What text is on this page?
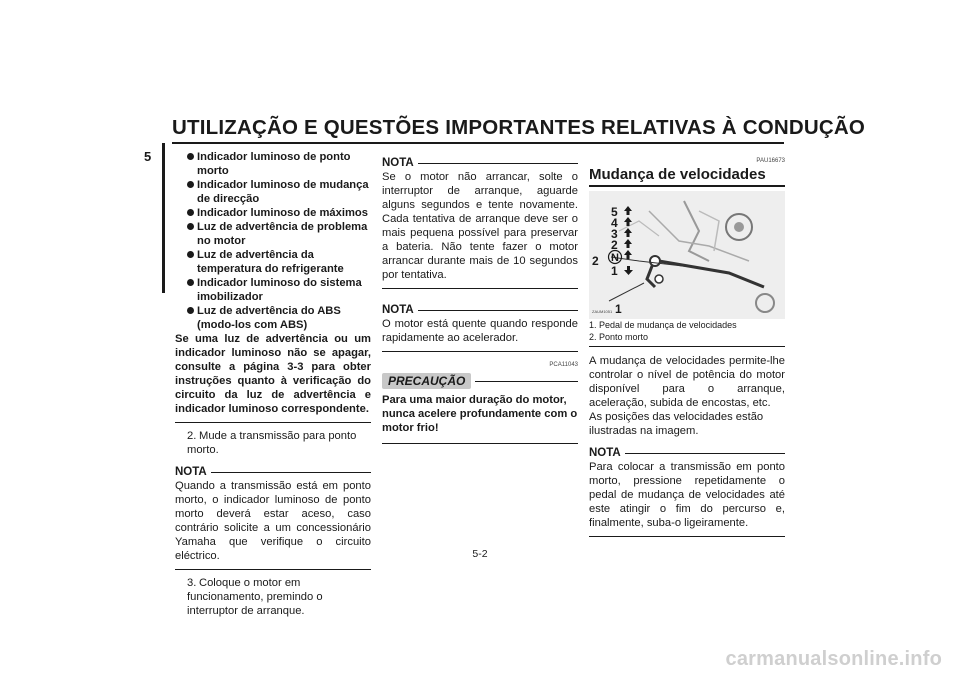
UTILIZAÇÃO E QUESTÕES IMPORTANTES RELATIVAS À CONDUÇÃO
5	Indicador luminoso de ponto morto
Indicador luminoso de mudança de direcção
Indicador luminoso de máximos
Luz de advertência de problema no motor
Luz de advertência da temperatura do refrigerante
Indicador luminoso do sistema imobilizador
Luz de advertência do ABS (modo-los com ABS)
Se uma luz de advertência ou um indicador luminoso não se apagar, consulte a página 3-3 para obter instruções quanto à verificação do circuito da luz de advertência e indicador luminoso correspondente.
2. Mude a transmissão para ponto morto.
NOTA
Quando a transmissão está em ponto morto, o indicador luminoso de ponto morto deverá estar aceso, caso contrário solicite a um concessionário Yamaha que verifique o circuito eléctrico.
3. Coloque o motor em funcionamento, premindo o interruptor de arranque.
NOTA
Se o motor não arrancar, solte o interruptor de arranque, aguarde alguns segundos e tente novamente. Cada tentativa de arranque deve ser o mais pequena possível para preservar a bateria. Não tente fazer o motor arrancar durante mais de 10 segundos por tentativa.
NOTA
O motor está quente quando responde rapidamente ao acelerador.
PCA11043
PRECAUÇÃO
Para uma maior duração do motor, nunca acelere profundamente com o motor frio!
PAU16673
Mudança de velocidades
5
4
3
2
N
1
2
1
ZAUM1051
1. Pedal de mudança de velocidades
2. Ponto morto
A mudança de velocidades permite-lhe controlar o nível de potência do motor disponível para o arranque, aceleração, subida de encostas, etc.
As posições das velocidades estão ilustradas na imagem.
NOTA
Para colocar a transmissão em ponto morto, pressione repetidamente o pedal de mudança de velocidades até este atingir o fim do percurso e, finalmente, suba-o ligeiramente.
5-2
carmanualsonline.info
